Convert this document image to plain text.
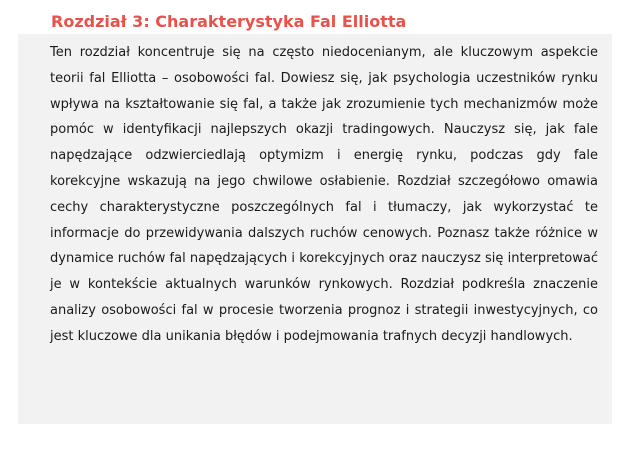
Rozdział 3: Charakterystyka Fal Elliotta

Ten rozdział koncentruje się na często niedocenianym, ale kluczowym aspekcie teorii fal Elliotta – osobowości fal. Dowiesz się, jak psychologia uczestników rynku wpływa na kształtowanie się fal, a także jak zrozumienie tych mechanizmów może pomóc w identyfikacji najlepszych okazji tradingowych. Nauczysz się, jak fale napędzające odzwierciedlają optymizm i energię rynku, podczas gdy fale korekcyjne wskazują na jego chwilowe osłabienie. Rozdział szczegółowo omawia cechy charakterystyczne poszczególnych fal i tłumaczy, jak wykorzystać te informacje do przewidywania dalszych ruchów cenowych. Poznasz także różnice w dynamice ruchów fal napędzających i korekcyjnych oraz nauczysz się interpretować je w kontekście aktualnych warunków rynkowych. Rozdział podkreśla znaczenie analizy osobowości fal w procesie tworzenia prognoz i strategii inwestycyjnych, co jest kluczowe dla unikania błędów i podejmowania trafnych decyzji handlowych.
